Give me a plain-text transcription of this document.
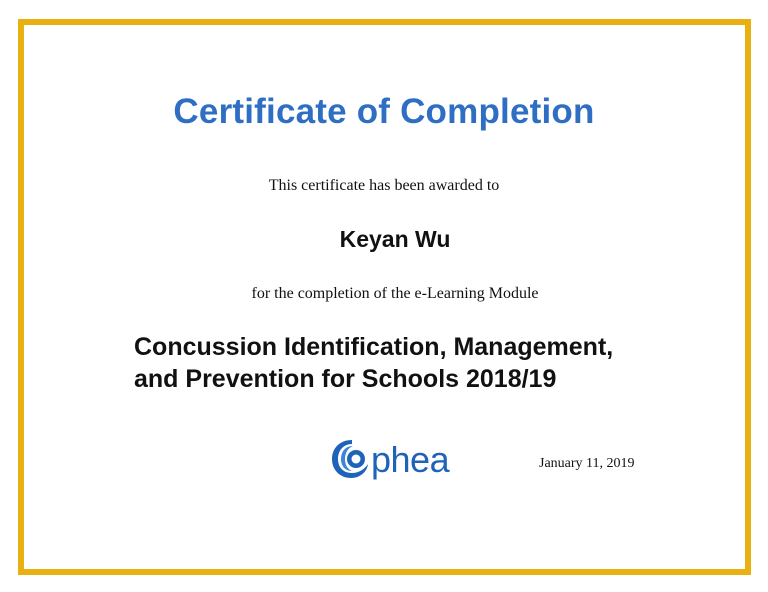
Certificate of Completion
This certificate has been awarded to
Keyan Wu
for the completion of the e-Learning Module
Concussion Identification, Management,
and Prevention for Schools 2018/19
phea	January 11, 2019
